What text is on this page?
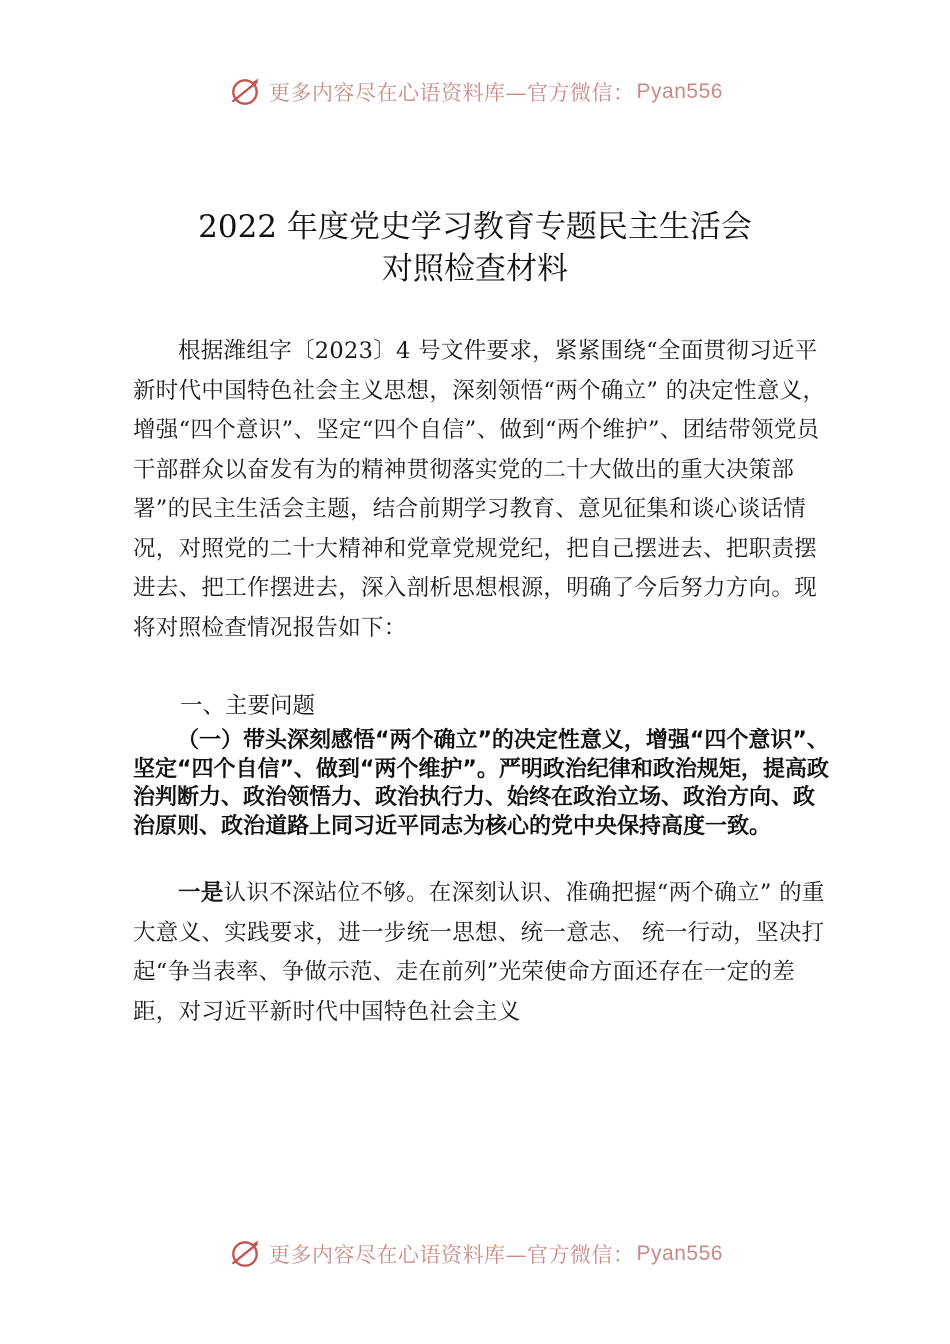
更多内容尽在心语资料库—官方微信： Pyan556
2022 年度党史学习教育专题民主生活会
对照检查材料

根据潍组字〔2023〕4 号文件要求，紧紧围绕“全面贯彻习近平新时代中国特色社会主义思想，深刻领悟“两个确立” 的决定性意义，增强“四个意识”、坚定“四个自信”、做到“两个维护”、团结带领党员干部群众以奋发有为的精神贯彻落实党的二十大做出的重大决策部署”的民主生活会主题，结合前期学习教育、意见征集和谈心谈话情况，对照党的二十大精神和党章党规党纪，把自己摆进去、把职责摆进去、把工作摆进去，深入剖析思想根源，明确了今后努力方向。现将对照检查情况报告如下：

一、主要问题
（一）带头深刻感悟“两个确立”的决定性意义，增强“四个意识”、坚定“四个自信”、做到“两个维护”。严明政治纪律和政治规矩，提高政治判断力、政治领悟力、政治执行力、始终在政治立场、政治方向、政治原则、政治道路上同习近平同志为核心的党中央保持高度一致。

一是认识不深站位不够。在深刻认识、准确把握“两个确立” 的重大意义、实践要求，进一步统一思想、统一意志、 统一行动，坚决打起“争当表率、争做示范、走在前列”光荣使命方面还存在一定的差距，对习近平新时代中国特色社会主义

更多内容尽在心语资料库—官方微信： Pyan556
